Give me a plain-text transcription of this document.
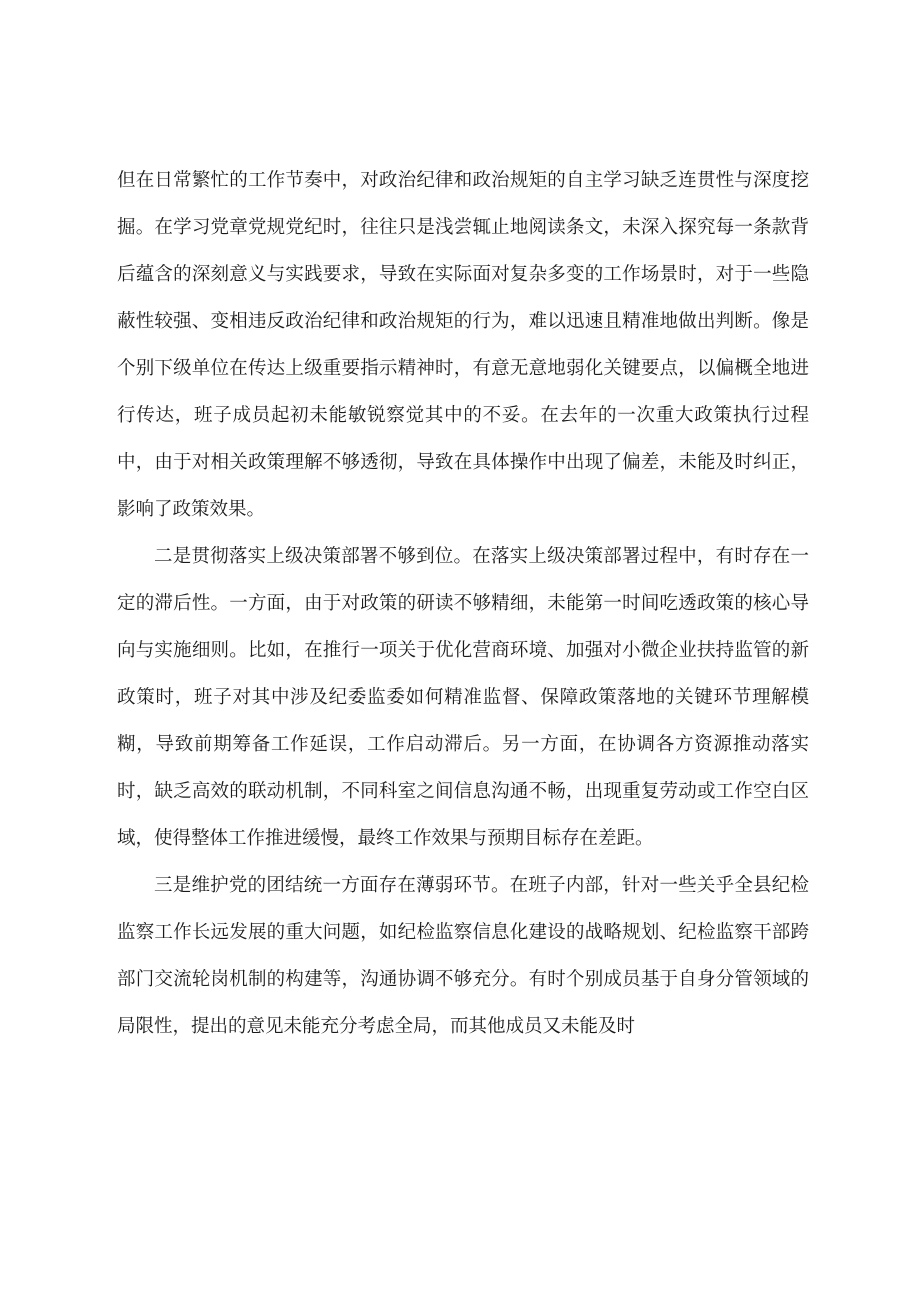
但在日常繁忙的工作节奏中，对政治纪律和政治规矩的自主学习缺乏连贯性与深度挖掘。在学习党章党规党纪时，往往只是浅尝辄止地阅读条文，未深入探究每一条款背后蕴含的深刻意义与实践要求，导致在实际面对复杂多变的工作场景时，对于一些隐蔽性较强、变相违反政治纪律和政治规矩的行为，难以迅速且精准地做出判断。像是个别下级单位在传达上级重要指示精神时，有意无意地弱化关键要点，以偏概全地进行传达，班子成员起初未能敏锐察觉其中的不妥。在去年的一次重大政策执行过程中，由于对相关政策理解不够透彻，导致在具体操作中出现了偏差，未能及时纠正，影响了政策效果。

二是贯彻落实上级决策部署不够到位。在落实上级决策部署过程中，有时存在一定的滞后性。一方面，由于对政策的研读不够精细，未能第一时间吃透政策的核心导向与实施细则。比如，在推行一项关于优化营商环境、加强对小微企业扶持监管的新政策时，班子对其中涉及纪委监委如何精准监督、保障政策落地的关键环节理解模糊，导致前期筹备工作延误，工作启动滞后。另一方面，在协调各方资源推动落实时，缺乏高效的联动机制，不同科室之间信息沟通不畅，出现重复劳动或工作空白区域，使得整体工作推进缓慢，最终工作效果与预期目标存在差距。

三是维护党的团结统一方面存在薄弱环节。在班子内部，针对一些关乎全县纪检监察工作长远发展的重大问题，如纪检监察信息化建设的战略规划、纪检监察干部跨部门交流轮岗机制的构建等，沟通协调不够充分。有时个别成员基于自身分管领域的局限性，提出的意见未能充分考虑全局，而其他成员又未能及时
